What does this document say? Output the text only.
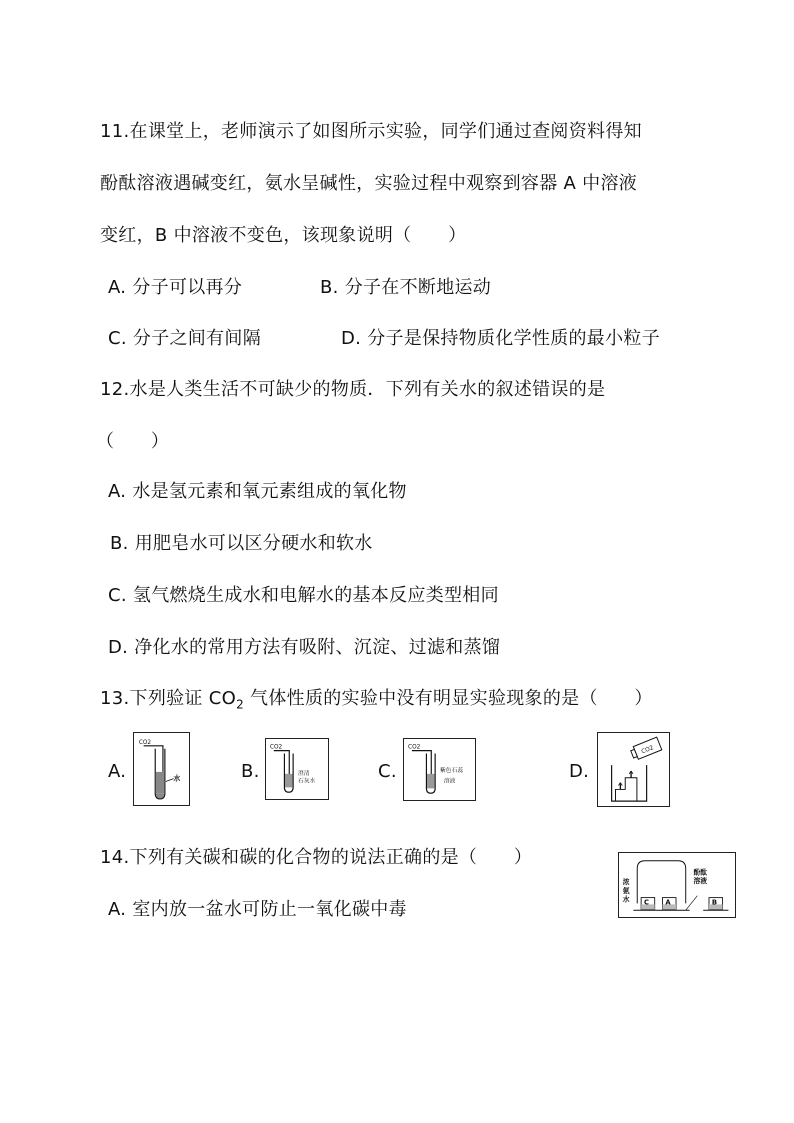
11.在课堂上，老师演示了如图所示实验，同学们通过查阅资料得知
酚酞溶液遇碱变红，氨水呈碱性，实验过程中观察到容器 A 中溶液
变红，B 中溶液不变色，该现象说明（　　）
A. 分子可以再分	B. 分子在不断地运动
C. 分子之间有间隔	D. 分子是保持物质化学性质的最小粒子
12.水是人类生活不可缺少的物质．下列有关水的叙述错误的是
（　　）
A. 水是氢元素和氧元素组成的氧化物
B. 用肥皂水可以区分硬水和软水
C. 氢气燃烧生成水和电解水的基本反应类型相同
D. 净化水的常用方法有吸附、沉淀、过滤和蒸馏
13.下列验证 $CO_2$ 气体性质的实验中没有明显实验现象的是（　　）
A.
CO2
水	B.
CO2
澄清
石灰水	C.
CO2
紫色石蕊
溶液	D.
CO2
14.下列有关碳和碳的化合物的说法正确的是（　　）
A. 室内放一盆水可防止一氧化碳中毒
浓
氨
水 C A
酚酞
溶液
B
